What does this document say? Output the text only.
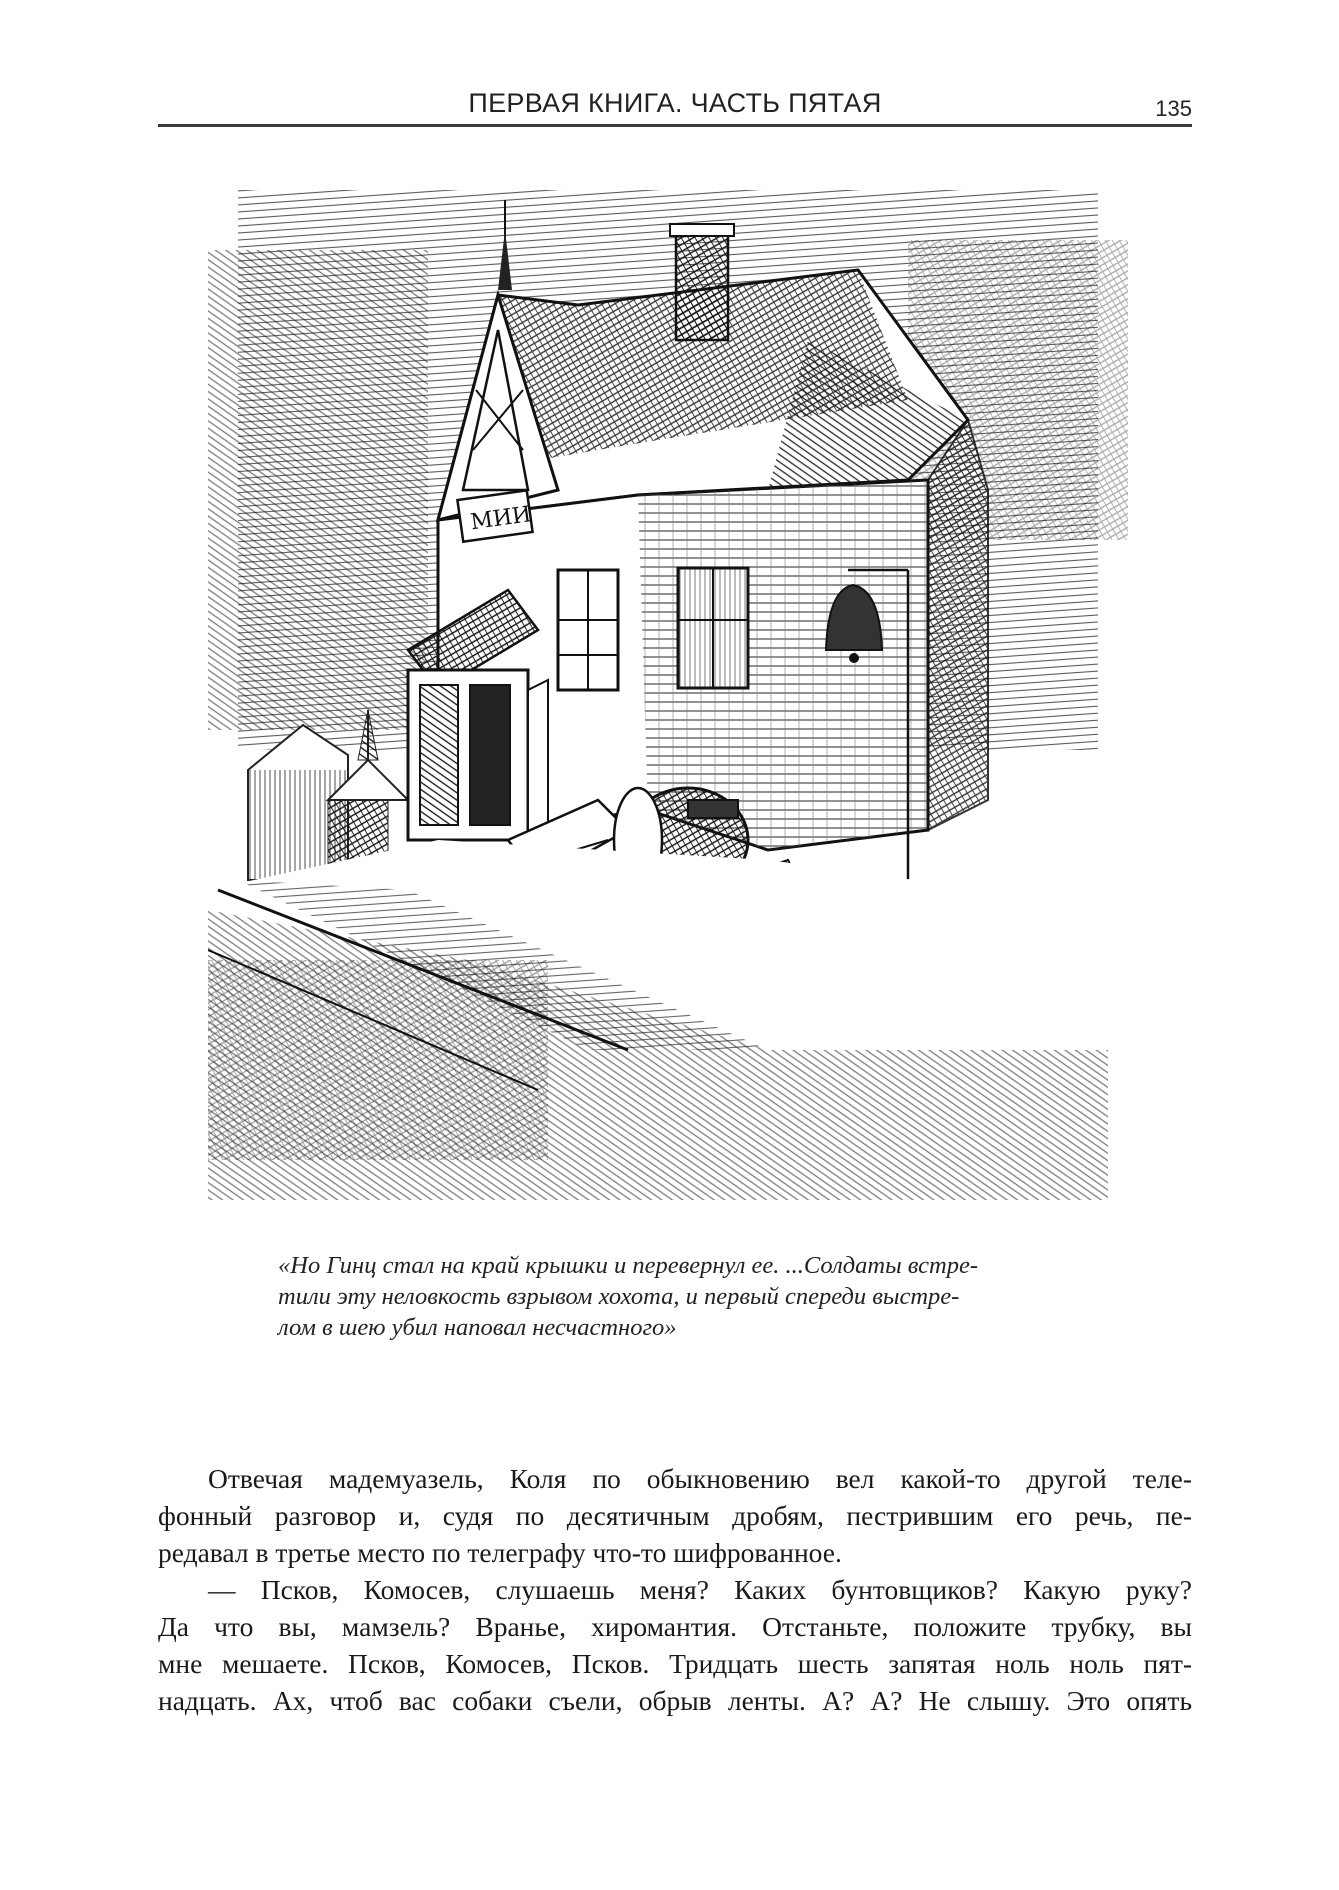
ПЕРВАЯ КНИГА. ЧАСТЬ ПЯТАЯ	135
МИИ
«Но Гинц стал на край крышки и перевернул ее. ...Солдаты встре-
тили эту неловкость взрывом хохота, и первый спереди выстре-
лом в шею убил наповал несчастного»
Отвечая мадемуазель, Коля по обыкновению вел какой-то другой теле-
фонный разговор и, судя по десятичным дробям, пестрившим его речь, пе-
редавал в третье место по телеграфу что-то шифрованное.
— Псков, Комосев, слушаешь меня? Каких бунтовщиков? Какую руку?
Да что вы, мамзель? Вранье, хиромантия. Отстаньте, положите трубку, вы
мне мешаете. Псков, Комосев, Псков. Тридцать шесть запятая ноль ноль пят-
надцать. Ах, чтоб вас собаки съели, обрыв ленты. А? А? Не слышу. Это опять
